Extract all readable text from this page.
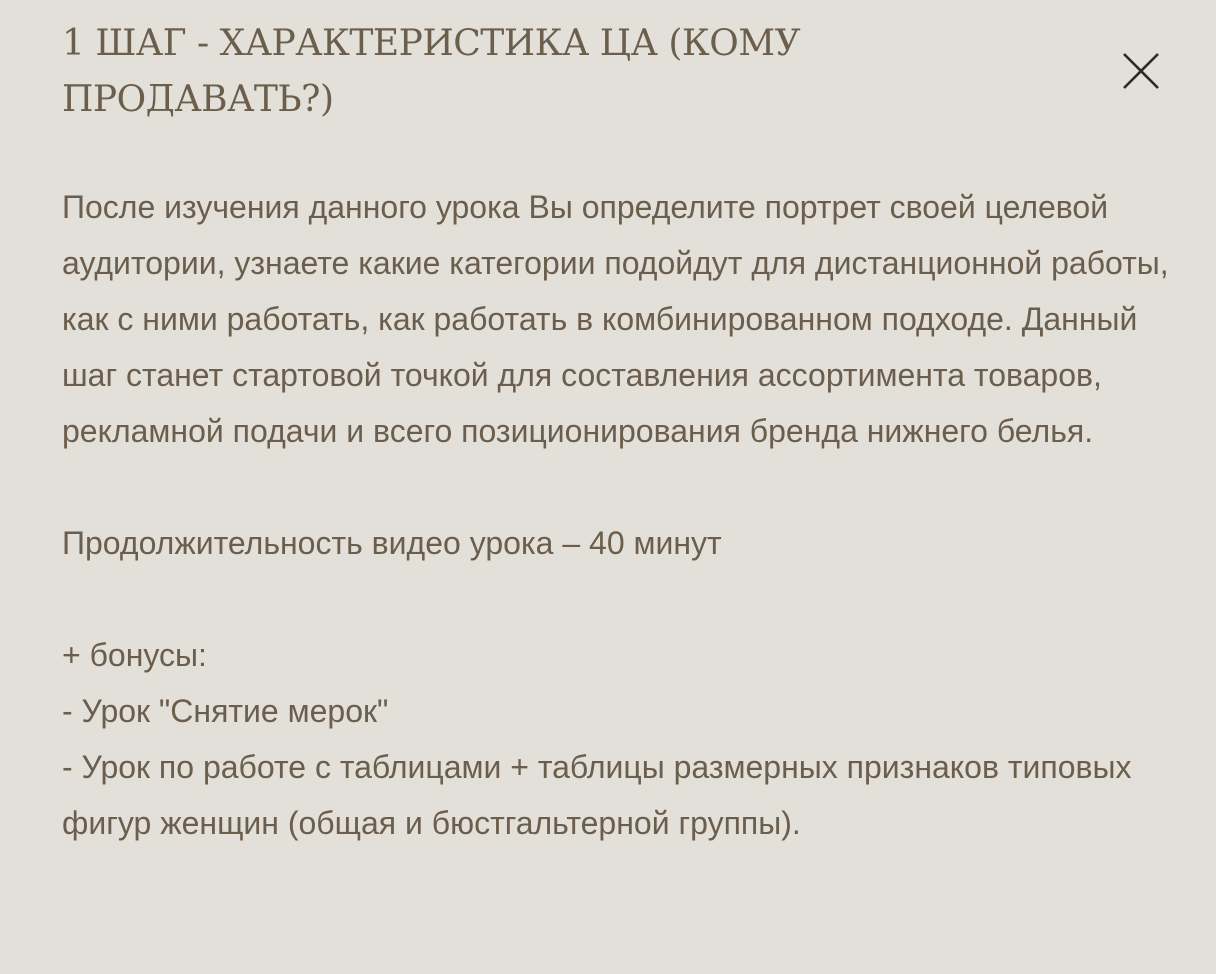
1 ШАГ - ХАРАКТЕРИСТИКА ЦА (КОМУ ПРОДАВАТЬ?)

После изучения данного урока Вы определите портрет своей целевой аудитории, узнаете какие категории подойдут для дистанционной работы, как с ними работать, как работать в комбинированном подходе. Данный шаг станет стартовой точкой для составления ассортимента товаров, рекламной подачи и всего позиционирования бренда нижнего белья.

Продолжительность видео урока – 40 минут

+ бонусы:

- Урок "Снятие мерок"

- Урок по работе с таблицами + таблицы размерных признаков типовых фигур женщин (общая и бюстгальтерной группы).
